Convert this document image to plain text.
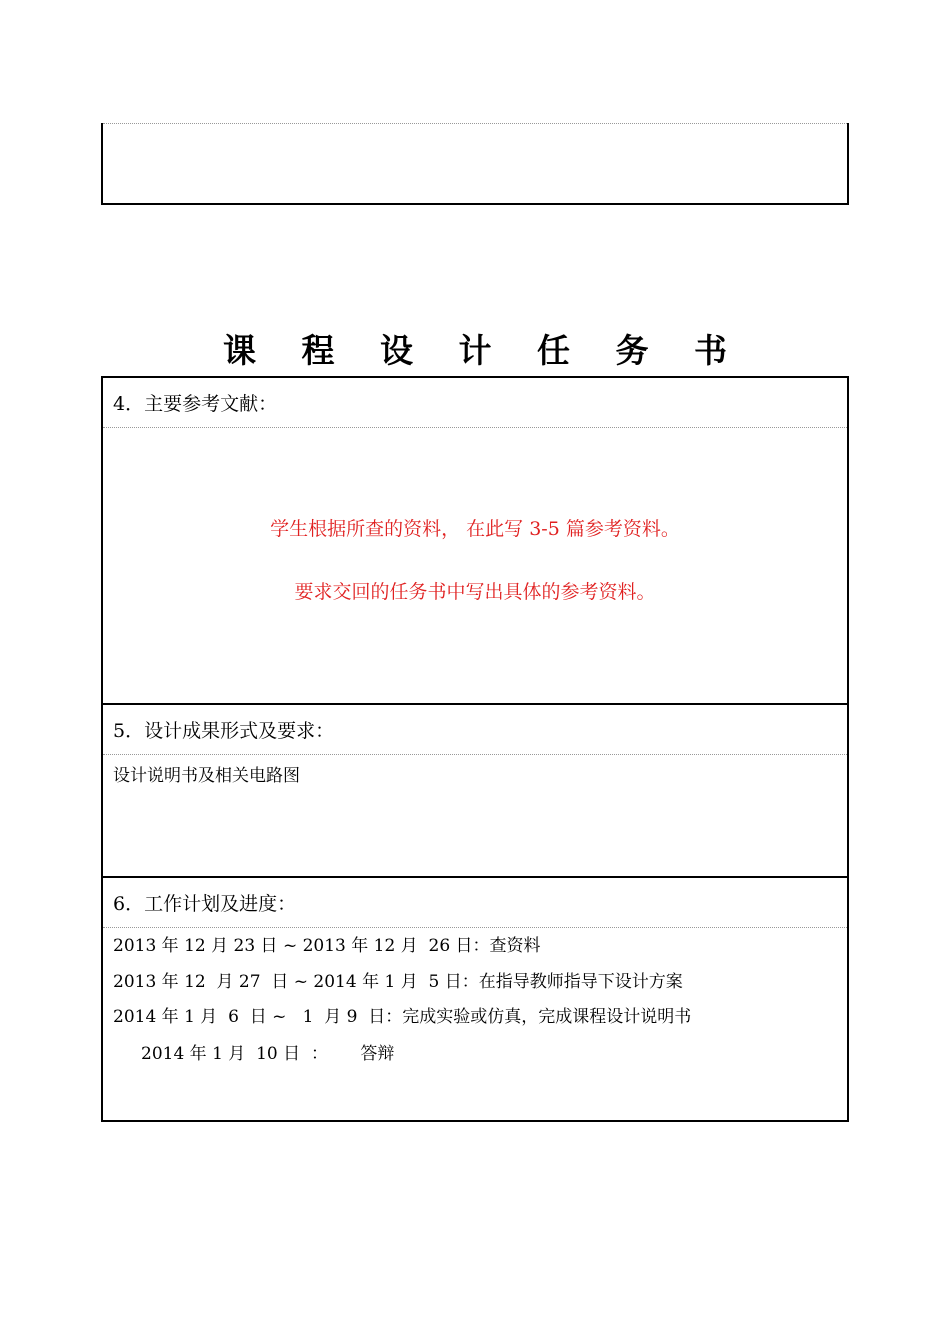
课 程 设 计 任 务 书
4．主要参考文献：
学生根据所查的资料， 在此写 3-5 篇参考资料。
要求交回的任务书中写出具体的参考资料。
5．设计成果形式及要求：
设计说明书及相关电路图
6．工作计划及进度：
2013 年 12 月 23 日 ~ 2013 年 12 月  26 日：查资料
2013 年 12  月 27  日 ~ 2014 年 1 月  5 日：在指导教师指导下设计方案
2014 年 1 月  6  日 ~   1  月 9  日：完成实验或仿真，完成课程设计说明书
2014 年 1 月  10 日  ：      答辩
